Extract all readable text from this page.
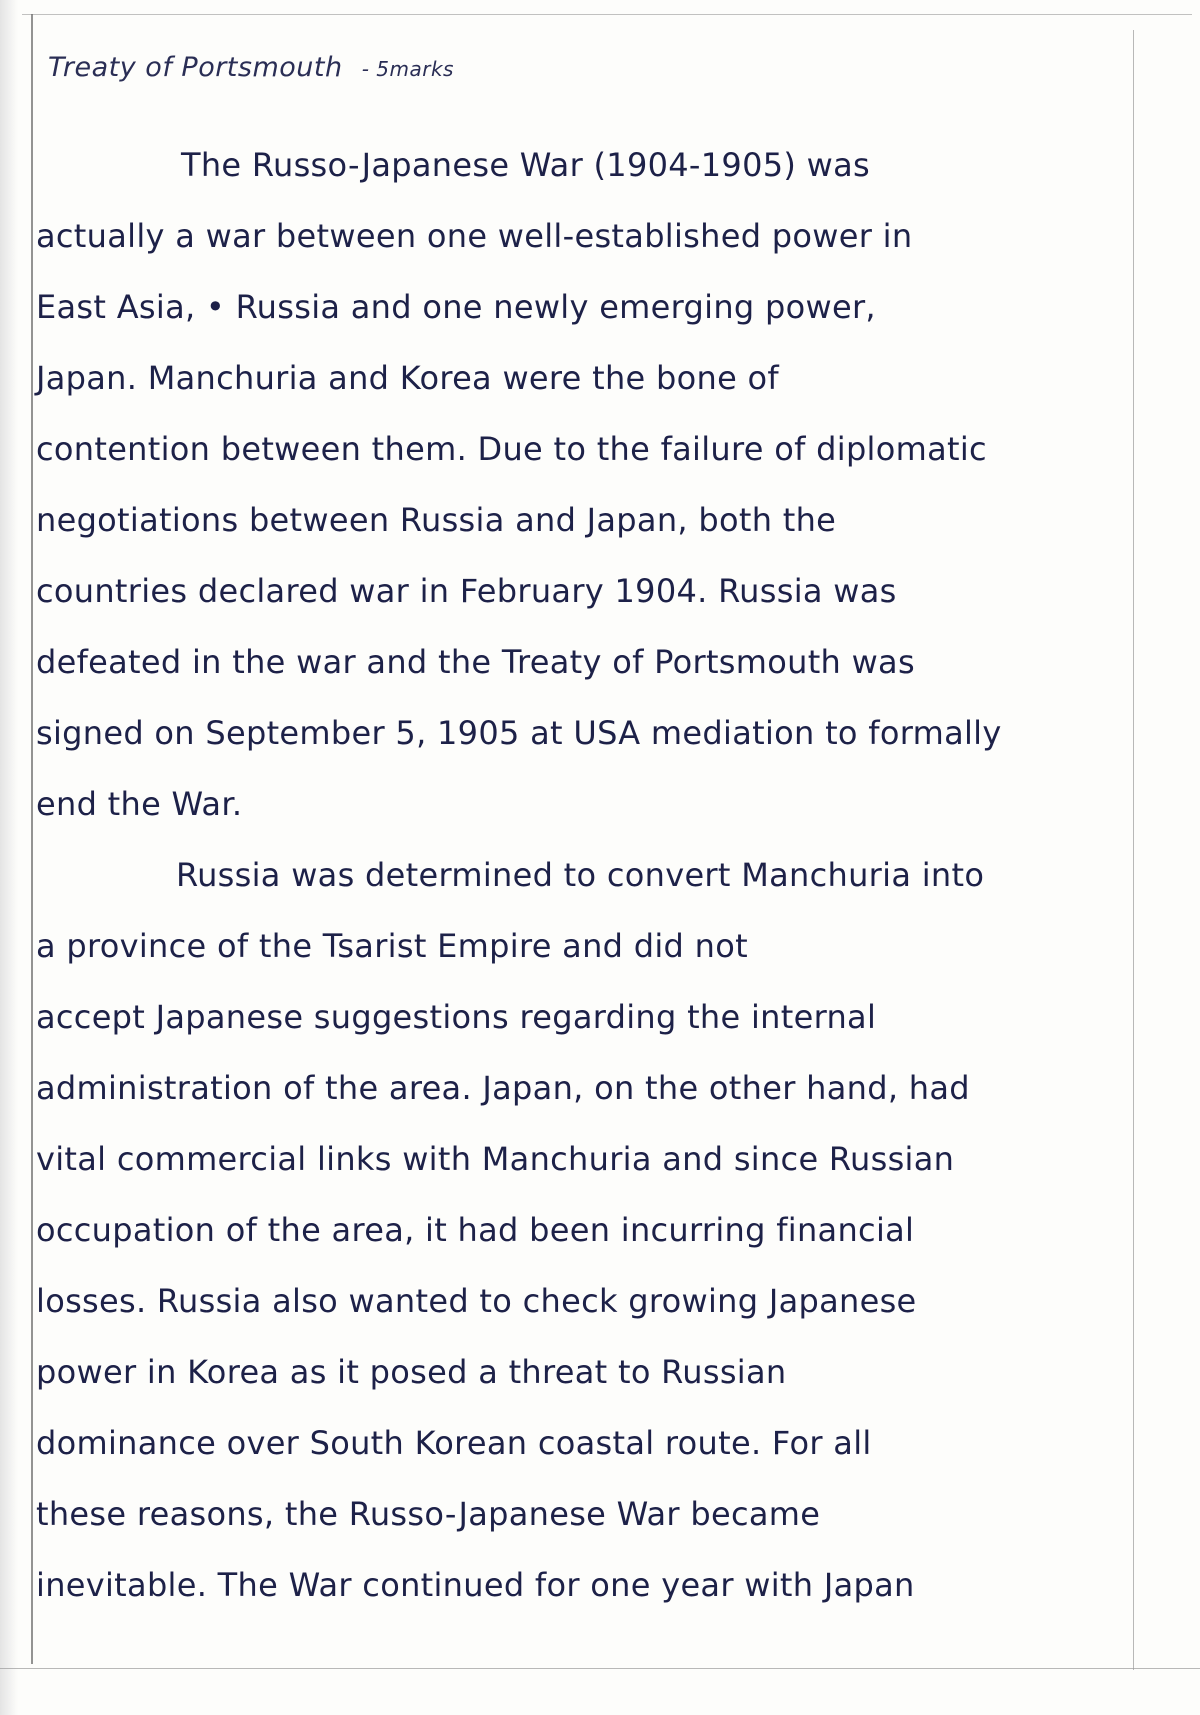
Treaty of Portsmouth - 5marks
The Russo-Japanese War (1904-1905) was
actually a war between one well-established power in
East Asia, • Russia and one newly emerging power,
Japan. Manchuria and Korea were the bone of
contention between them. Due to the failure of diplomatic
negotiations between Russia and Japan, both the
countries declared war in February 1904. Russia was
defeated in the war and the Treaty of Portsmouth was
signed on September 5, 1905 at USA mediation to formally
end the War.
Russia was determined to convert Manchuria into
a province of the Tsarist Empire and did not
accept Japanese suggestions regarding the internal
administration of the area. Japan, on the other hand, had
vital commercial links with Manchuria and since Russian
occupation of the area, it had been incurring financial
losses. Russia also wanted to check growing Japanese
power in Korea as it posed a threat to Russian
dominance over South Korean coastal route. For all
these reasons, the Russo-Japanese War became
inevitable. The War continued for one year with Japan
